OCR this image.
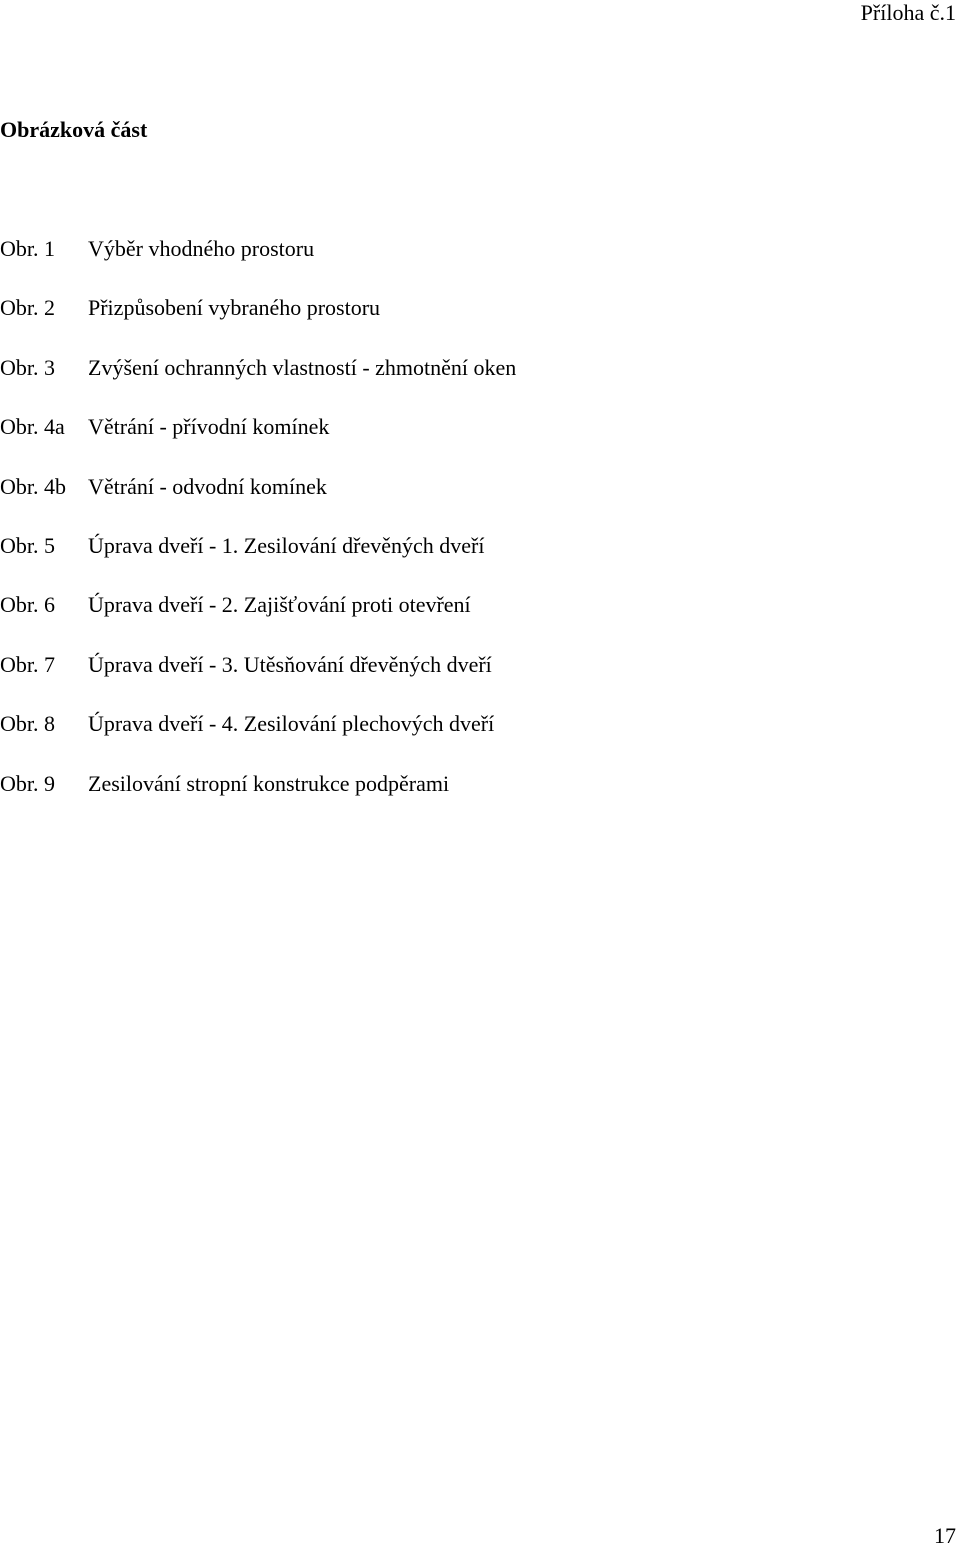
Příloha č.1
Obrázková část
Obr. 1 Výběr vhodného prostoru
Obr. 2 Přizpůsobení vybraného prostoru
Obr. 3 Zvýšení ochranných vlastností - zhmotnění oken
Obr. 4a Větrání - přívodní komínek
Obr. 4b Větrání - odvodní komínek
Obr. 5 Úprava dveří - 1. Zesilování dřevěných dveří
Obr. 6 Úprava dveří - 2. Zajišťování proti otevření
Obr. 7 Úprava dveří - 3. Utěsňování dřevěných dveří
Obr. 8 Úprava dveří - 4. Zesilování plechových dveří
Obr. 9 Zesilování stropní konstrukce podpěrami
17
